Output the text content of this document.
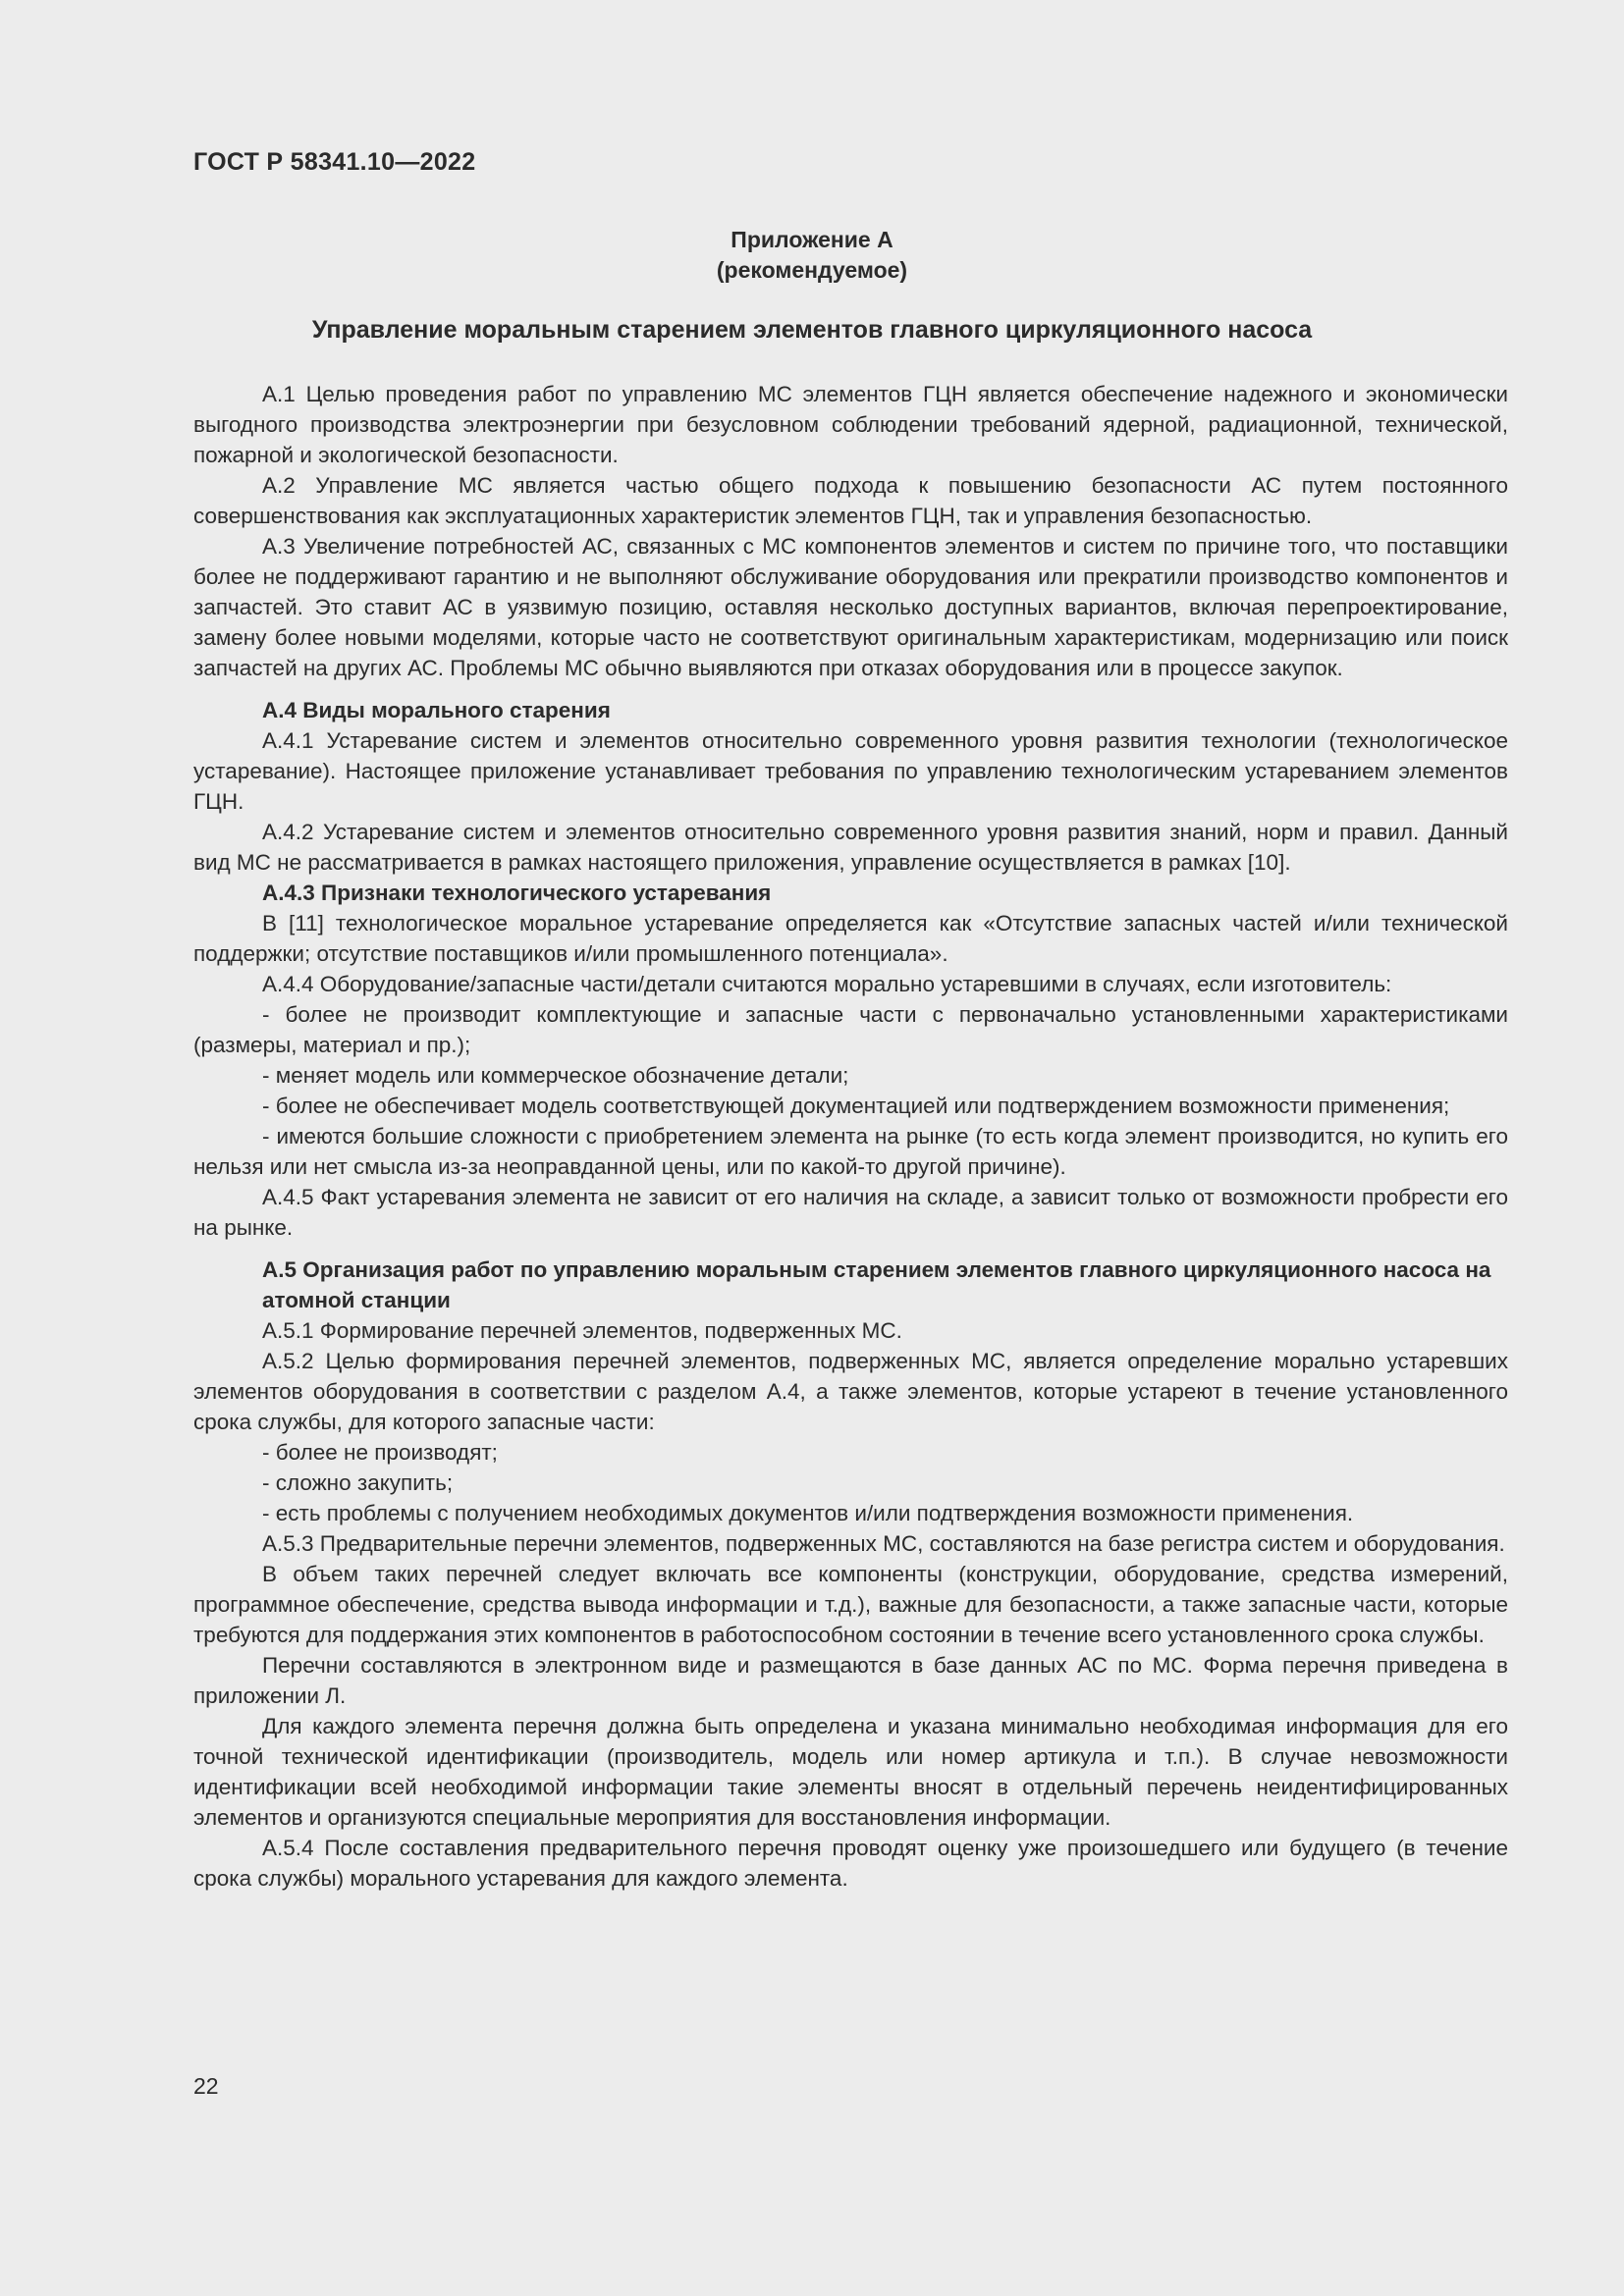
ГОСТ Р 58341.10—2022
Приложение А
(рекомендуемое)
Управление моральным старением элементов главного циркуляционного насоса

А.1 Целью проведения работ по управлению МС элементов ГЦН является обеспечение надежного и экономически выгодного производства электроэнергии при безусловном соблюдении требований ядерной, радиационной, технической, пожарной и экологической безопасности.

А.2 Управление МС является частью общего подхода к повышению безопасности АС путем постоянного совершенствования как эксплуатационных характеристик элементов ГЦН, так и управления безопасностью.

А.3 Увеличение потребностей АС, связанных с МС компонентов элементов и систем по причине того, что поставщики более не поддерживают гарантию и не выполняют обслуживание оборудования или прекратили производство компонентов и запчастей. Это ставит АС в уязвимую позицию, оставляя несколько доступных вариантов, включая перепроектирование, замену более новыми моделями, которые часто не соответствуют оригинальным характеристикам, модернизацию или поиск запчастей на других АС. Проблемы МС обычно выявляются при отказах оборудования или в процессе закупок.

А.4 Виды морального старения

А.4.1 Устаревание систем и элементов относительно современного уровня развития технологии (технологическое устаревание). Настоящее приложение устанавливает требования по управлению технологическим устареванием элементов ГЦН.

А.4.2 Устаревание систем и элементов относительно современного уровня развития знаний, норм и правил. Данный вид МС не рассматривается в рамках настоящего приложения, управление осуществляется в рамках [10].

А.4.3 Признаки технологического устаревания

В [11] технологическое моральное устаревание определяется как «Отсутствие запасных частей и/или технической поддержки; отсутствие поставщиков и/или промышленного потенциала».

А.4.4 Оборудование/запасные части/детали считаются морально устаревшими в случаях, если изготовитель:

- более не производит комплектующие и запасные части с первоначально установленными характеристиками (размеры, материал и пр.);

- меняет модель или коммерческое обозначение детали;

- более не обеспечивает модель соответствующей документацией или подтверждением возможности применения;

- имеются большие сложности с приобретением элемента на рынке (то есть когда элемент производится, но купить его нельзя или нет смысла из-за неоправданной цены, или по какой-то другой причине).

А.4.5 Факт устаревания элемента не зависит от его наличия на складе, а зависит только от возможности пробрести его на рынке.

А.5 Организация работ по управлению моральным старением элементов главного циркуляционного насоса на атомной станции

А.5.1 Формирование перечней элементов, подверженных МС.

А.5.2 Целью формирования перечней элементов, подверженных МС, является определение морально устаревших элементов оборудования в соответствии с разделом А.4, а также элементов, которые устареют в течение установленного срока службы, для которого запасные части:

- более не производят;

- сложно закупить;

- есть проблемы с получением необходимых документов и/или подтверждения возможности применения.

А.5.3 Предварительные перечни элементов, подверженных МС, составляются на базе регистра систем и оборудования.

В объем таких перечней следует включать все компоненты (конструкции, оборудование, средства измерений, программное обеспечение, средства вывода информации и т.д.), важные для безопасности, а также запасные части, которые требуются для поддержания этих компонентов в работоспособном состоянии в течение всего установленного срока службы.

Перечни составляются в электронном виде и размещаются в базе данных АС по МС. Форма перечня приведена в приложении Л.

Для каждого элемента перечня должна быть определена и указана минимально необходимая информация для его точной технической идентификации (производитель, модель или номер артикула и т.п.). В случае невозможности идентификации всей необходимой информации такие элементы вносят в отдельный перечень неидентифицированных элементов и организуются специальные мероприятия для восстановления информации.

А.5.4 После составления предварительного перечня проводят оценку уже произошедшего или будущего (в течение срока службы) морального устаревания для каждого элемента.

22
